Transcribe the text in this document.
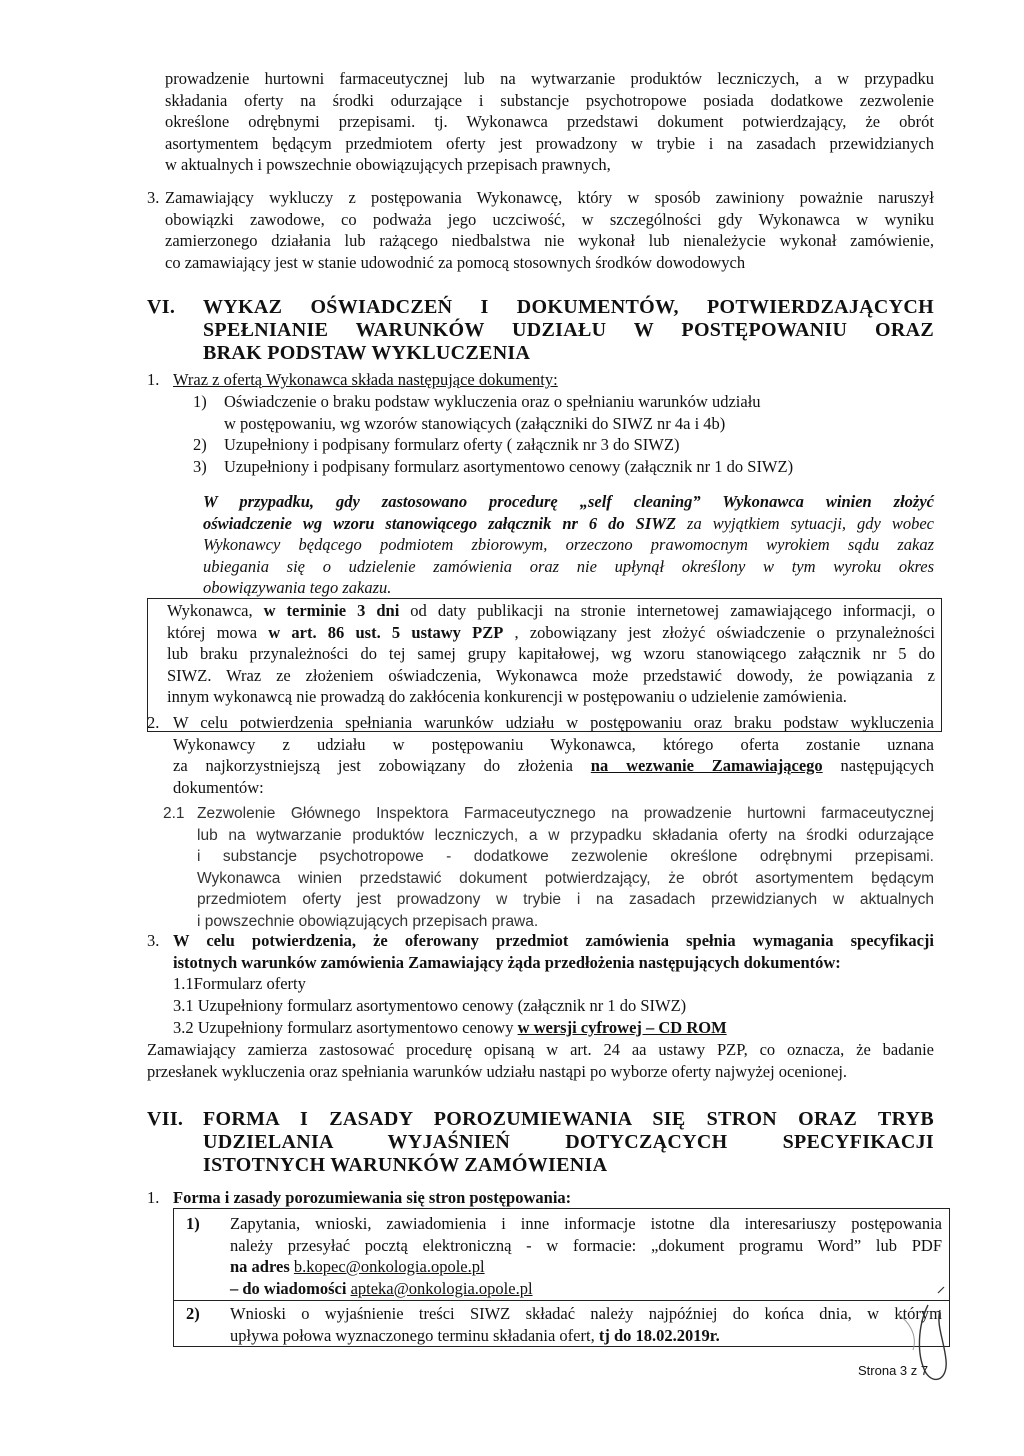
prowadzenie hurtowni farmaceutycznej lub na wytwarzanie produktów leczniczych, a w przypadku
składania oferty na środki odurzające i substancje psychotropowe posiada dodatkowe zezwolenie
określone odrębnymi przepisami. tj. Wykonawca przedstawi dokument potwierdzający, że obrót
asortymentem będącym przedmiotem oferty jest prowadzony w trybie i na zasadach przewidzianych
w aktualnych i powszechnie obowiązujących przepisach prawnych,
3. Zamawiający wykluczy z postępowania Wykonawcę, który w sposób zawiniony poważnie naruszył
obowiązki zawodowe, co podważa jego uczciwość, w szczególności gdy Wykonawca w wyniku
zamierzonego działania lub rażącego niedbalstwa nie wykonał lub nienależycie wykonał zamówienie,
co zamawiający jest w stanie udowodnić za pomocą stosownych środków dowodowych
VI. WYKAZ OŚWIADCZEŃ I DOKUMENTÓW, POTWIERDZAJĄCYCH
SPEŁNIANIE WARUNKÓW UDZIAŁU W POSTĘPOWANIU ORAZ
BRAK PODSTAW WYKLUCZENIA
1. Wraz z ofertą Wykonawca składa następujące dokumenty:
1) Oświadczenie o braku podstaw wykluczenia oraz o spełnianiu warunków udziału
w postępowaniu, wg wzorów stanowiących (załączniki do SIWZ nr 4a i 4b)
2) Uzupełniony i podpisany formularz oferty ( załącznik nr 3 do SIWZ)
3) Uzupełniony i podpisany formularz asortymentowo cenowy (załącznik nr 1 do SIWZ)
W przypadku, gdy zastosowano procedurę „self cleaning” Wykonawca winien złożyć
oświadczenie wg wzoru stanowiącego załącznik nr 6 do SIWZ za wyjątkiem sytuacji, gdy wobec
Wykonawcy będącego podmiotem zbiorowym, orzeczono prawomocnym wyrokiem sądu zakaz
ubiegania się o udzielenie zamówienia oraz nie upłynął określony w tym wyroku okres
obowiązywania tego zakazu.
Wykonawca, w terminie 3 dni od daty publikacji na stronie internetowej zamawiającego informacji, o
której mowa w art. 86 ust. 5 ustawy PZP , zobowiązany jest złożyć oświadczenie o przynależności
lub braku przynależności do tej samej grupy kapitałowej, wg wzoru stanowiącego załącznik nr 5 do
SIWZ. Wraz ze złożeniem oświadczenia, Wykonawca może przedstawić dowody, że powiązania z
innym wykonawcą nie prowadzą do zakłócenia konkurencji w postępowaniu o udzielenie zamówienia.
2. W celu potwierdzenia spełniania warunków udziału w postępowaniu oraz braku podstaw wykluczenia
Wykonawcy z udziału w postępowaniu Wykonawca, którego oferta zostanie uznana
za najkorzystniejszą jest zobowiązany do złożenia na wezwanie Zamawiającego następujących
dokumentów:
2.1 Zezwolenie Głównego Inspektora Farmaceutycznego na prowadzenie hurtowni farmaceutycznej
lub na wytwarzanie produktów leczniczych, a w przypadku składania oferty na środki odurzające
i substancje psychotropowe - dodatkowe zezwolenie określone odrębnymi przepisami.
Wykonawca winien przedstawić dokument potwierdzający, że obrót asortymentem będącym
przedmiotem oferty jest prowadzony w trybie i na zasadach przewidzianych w aktualnych
i powszechnie obowiązujących przepisach prawa.
3. W celu potwierdzenia, że oferowany przedmiot zamówienia spełnia wymagania specyfikacji
istotnych warunków zamówienia Zamawiający żąda przedłożenia następujących dokumentów:
1.1Formularz oferty
3.1 Uzupełniony formularz asortymentowo cenowy (załącznik nr 1 do SIWZ)
3.2 Uzupełniony formularz asortymentowo cenowy w wersji cyfrowej – CD ROM
Zamawiający zamierza zastosować procedurę opisaną w art. 24 aa ustawy PZP, co oznacza, że badanie
przesłanek wykluczenia oraz spełniania warunków udziału nastąpi po wyborze oferty najwyżej ocenionej.
VII. FORMA I ZASADY POROZUMIEWANIA SIĘ STRON ORAZ TRYB
UDZIELANIA WYJAŚNIEŃ DOTYCZĄCYCH SPECYFIKACJI
ISTOTNYCH WARUNKÓW ZAMÓWIENIA
1. Forma i zasady porozumiewania się stron postępowania:
1) Zapytania, wnioski, zawiadomienia i inne informacje istotne dla interesariuszy postępowania
należy przesyłać pocztą elektroniczną - w formacie: „dokument programu Word” lub PDF
na adres b.kopec@onkologia.opole.pl
– do wiadomości apteka@onkologia.opole.pl
2) Wnioski o wyjaśnienie treści SIWZ składać należy najpóźniej do końca dnia, w którym
upływa połowa wyznaczonego terminu składania ofert, tj do 18.02.2019r.
Strona 3 z 7
